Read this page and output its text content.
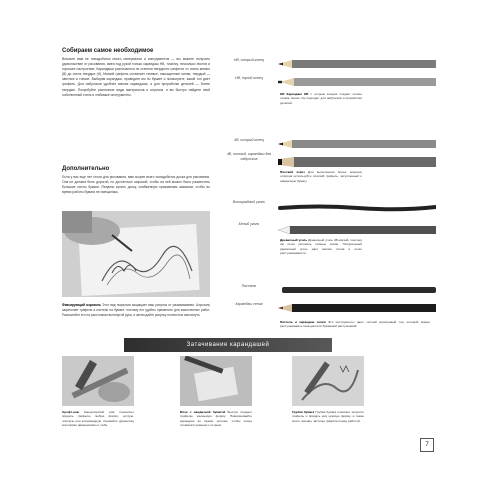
Собираем самое необходимое
Вначале вам не понадобится много материалов и инструментов — вы можете получить удовольствие от рисования, имея под рукой только карандаш HB, точилку, несколько листов и хорошее настроение. Карандаши различаются по степени твердости грифеля: от очень мягких (B) до очень твердых (H). Мягкий грифель оставляет темные, насыщенные линии, твердый — светлые и тонкие. Выбирая карандаш, проведите им по бумаге и посмотрите, какой тон дает грифель. Для набросков удобнее мягкие карандаши, а для проработки деталей — более твердые. Попробуйте различные виды материалов и штрихов, и вы быстро найдете свой собственный стиль и любимые инструменты.
Дополнительно
Если у вас еще нет стола для рисования, вам скорее всего понадобится доска для рисования. Она не должна быть дорогой, но достаточно широкой, чтобы на ней можно было разместить большие листы бумаги. Разумно купить доску, снабженную прижимным зажимом, чтобы во время работы бумага не смещалась.
Фиксирующий аэрозоль Этот вид покрытия защищает ваш рисунок от размазывания. Аэрозоль закрепляет грифель и пастель на бумаге, поэтому его удобно применять для законченных работ. Распыляйте его на расстоянии вытянутой руки, а затем дайте рисунку полностью высохнуть.
HB, острый конец
HB Карандаш HB с острым концом создает четкие тонкие линии. Он подходит для набросков и проработки деталей.
HB, тупой конец
4B, острый конец
Плоский эскиз Для выполнения более широких штрихов используйте плоский грифель, затупленный о наждачную бумагу.
4B, плоский, карандаш для набросков
Виноградный уголь
Древесный уголь Древесный уголь 4B мягкий, поэтому им легко рисовать темные линии. Натуральный древесный уголь дает мягкие пятна и легко растушевывается.
Белый уголь
Пастель
Карандаш сепия
Пастель и карандаш сепия Эти инструменты дают теплый коричневый тон, который можно растушевывать пальцем или бумажной растушевкой.
Затачивание карандашей
Хрофт-нож Канцелярский нож позволяет придать грифелю любую форму: острую, плоскую или клиновидную. Снимайте древесину короткими движениями от себя.
Блок с наждачной бумагой Быстро придает грифелю желаемую форму. Поворачивайте карандаш во время заточки, чтобы конец оставался ровным и острым.
Грубая бумага Грубая бумага помогает затупить грифель и придать ему нужную форму, а также снять лишние частицы графита перед работой.
7
